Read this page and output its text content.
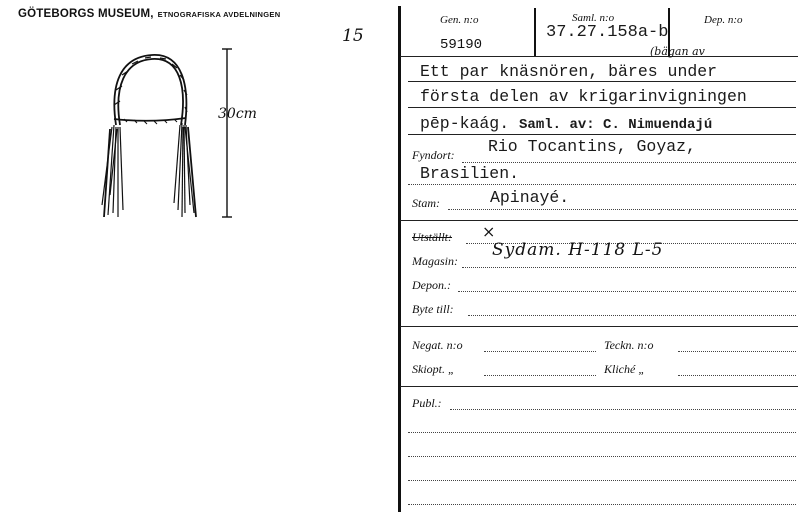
GÖTEBORGS MUSEUM, ETNOGRAFISKA AVDELNINGEN
15
30cm
Gen. n:o
59190
Saml. n:o
37.27.158a-b
Dep. n:o
(bägan av
Ett par knäsnören, bäres under
första delen av krigarinvigningen
pēp-kaág. Saml. av: C. Nimuendajú
Fyndort: Rio Tocantins, Goyaz,
Brasilien.
Stam:	Apinayé.
Utställt: ×
Magasin:
Sydam. H-118 L-5
Depon.:
Byte till:
Negat. n:o	Teckn. n:o
Skiopt. „	Kliché „
Publ.:
